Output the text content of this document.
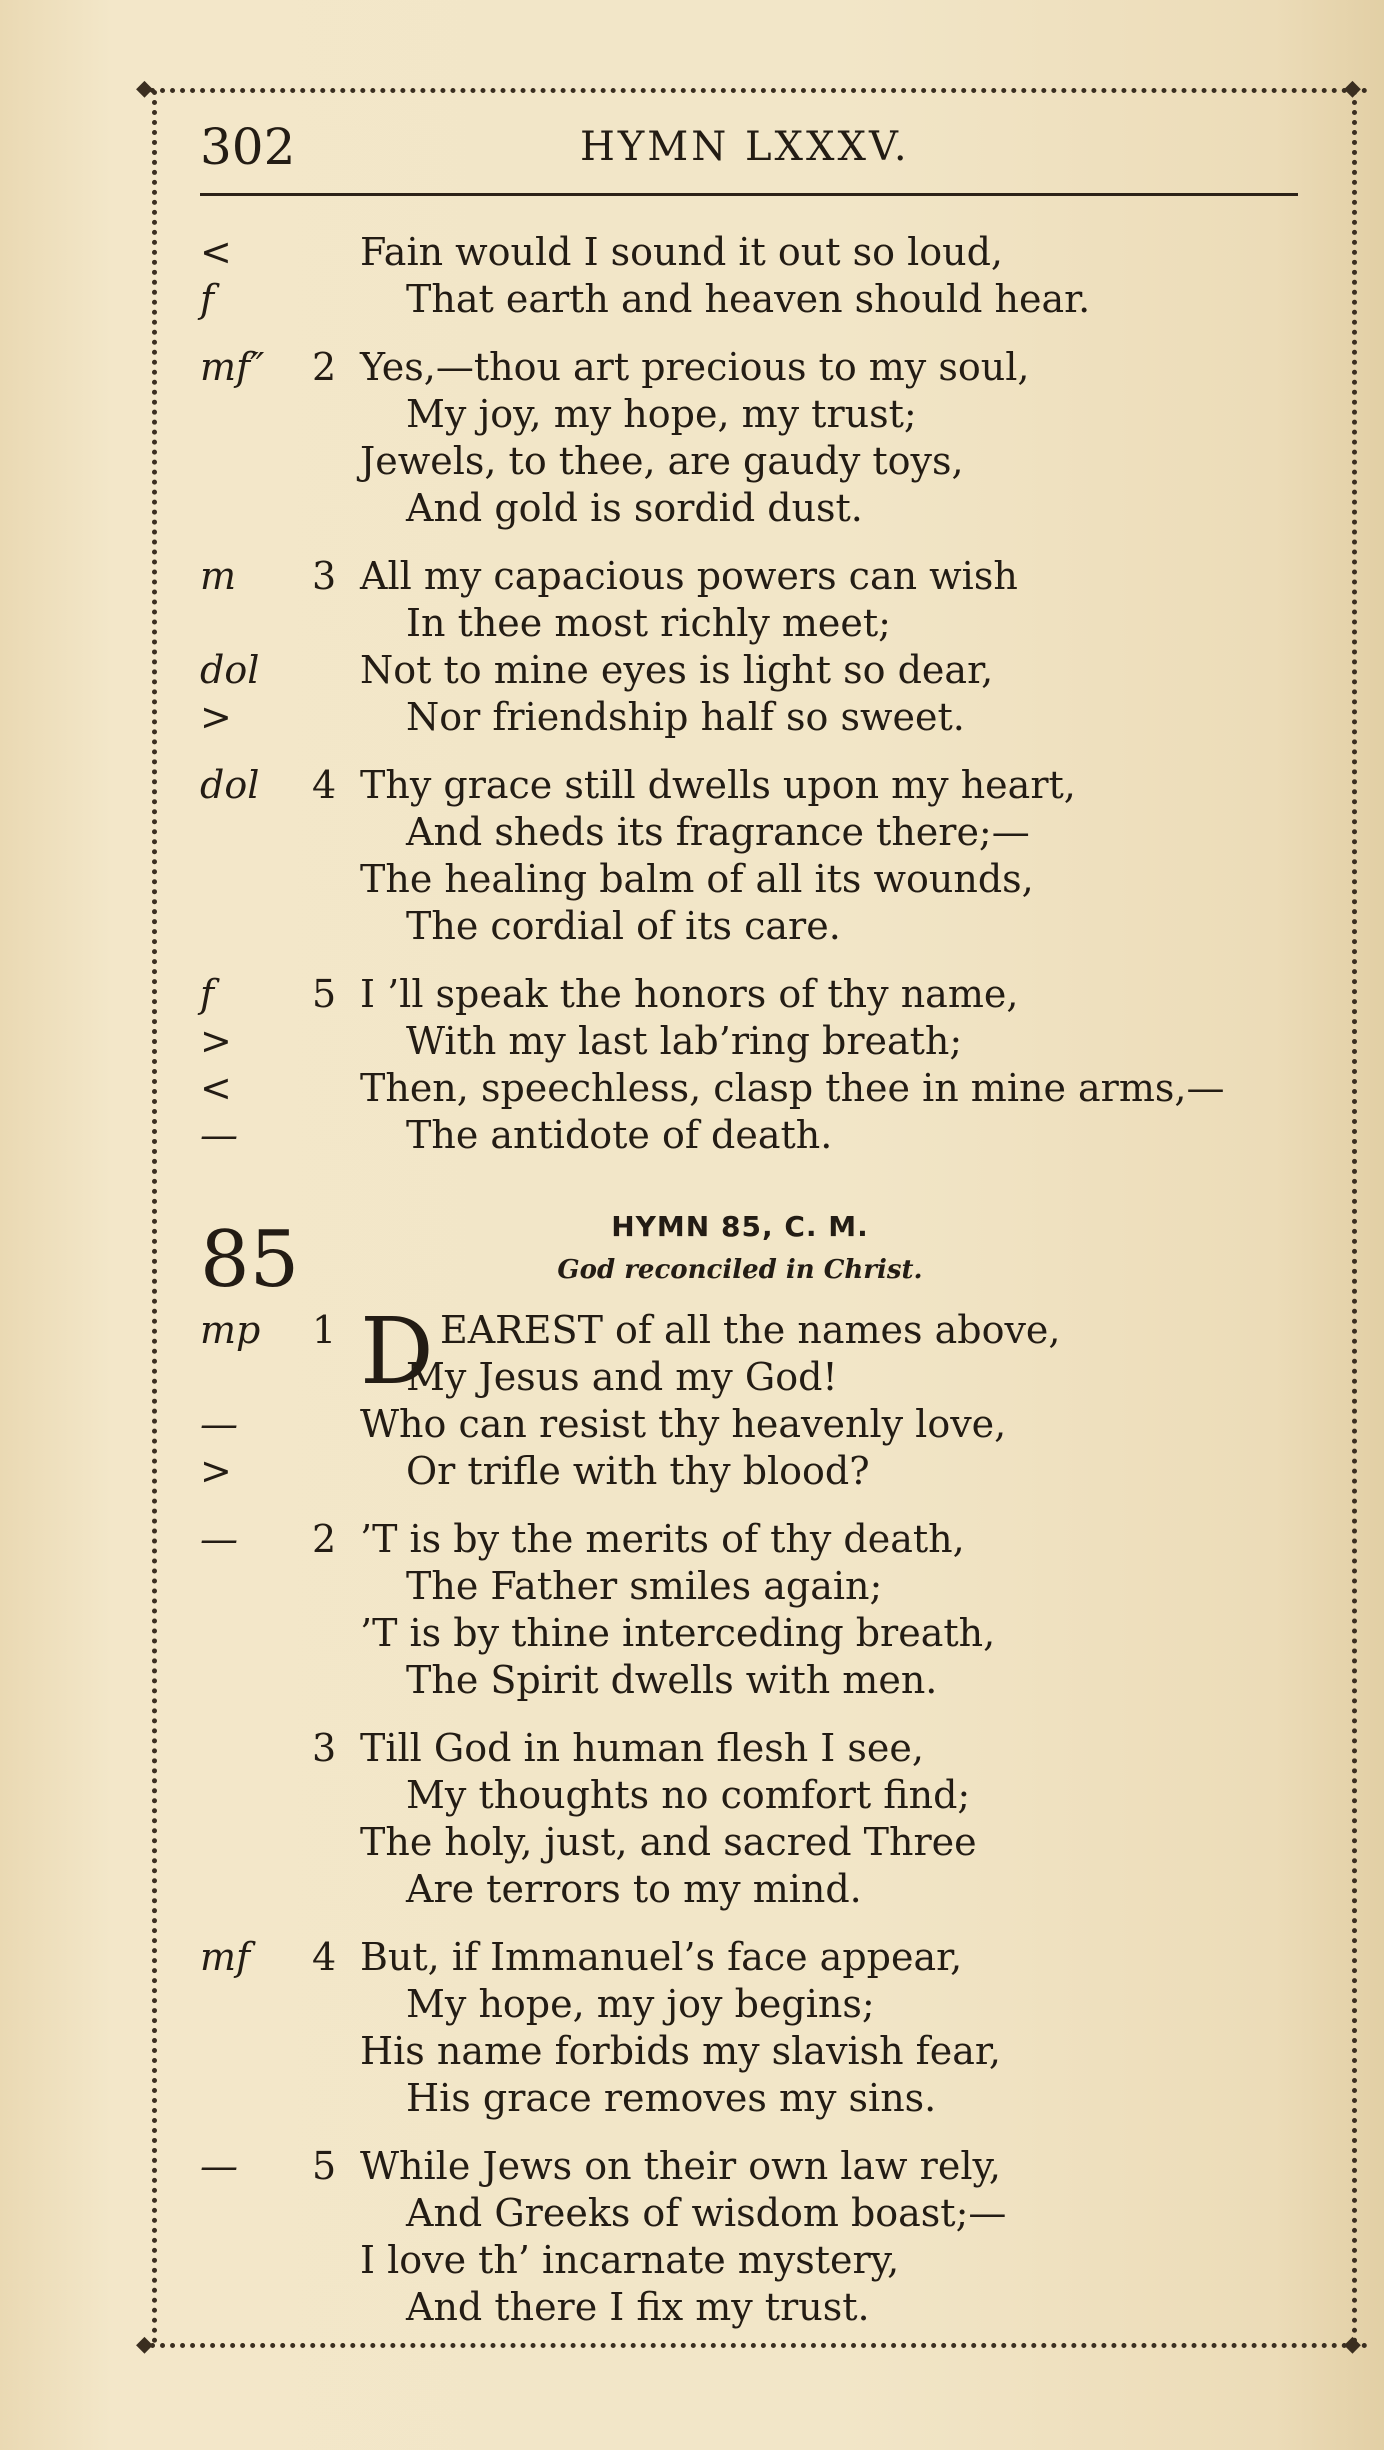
◆	◆
◆	◆
302	HYMN LXXXV.
<	Fain would I sound it out so loud,
f	That earth and heaven should hear.
mf″ 2 Yes,—thou art precious to my soul,
My joy, my hope, my trust;
Jewels, to thee, are gaudy toys,
And gold is sordid dust.
m	3 All my capacious powers can wish
In thee most richly meet;
dol	Not to mine eyes is light so dear,
>	Nor friendship half so sweet.
dol 4 Thy grace still dwells upon my heart,
And sheds its fragrance there;—
The healing balm of all its wounds,
The cordial of its care.
f	5 I ’ll speak the honors of thy name,
>	With my last lab’ring breath;
<	Then, speechless, clasp thee in mine arms,—
—	The antidote of death.
85	HYMN 85, C. M.
God reconciled in Christ.
D
mp 1	EAREST of all the names above,
My Jesus and my God!
—	Who can resist thy heavenly love,
>	Or trifle with thy blood?
—	2 ’T is by the merits of thy death,
The Father smiles again;
’T is by thine interceding breath,
The Spirit dwells with men.
3 Till God in human flesh I see,
My thoughts no comfort find;
The holy, just, and sacred Three
Are terrors to my mind.
mf	4 But, if Immanuel’s face appear,
My hope, my joy begins;
His name forbids my slavish fear,
His grace removes my sins.
—	5 While Jews on their own law rely,
And Greeks of wisdom boast;—
I love th’ incarnate mystery,
And there I fix my trust.
